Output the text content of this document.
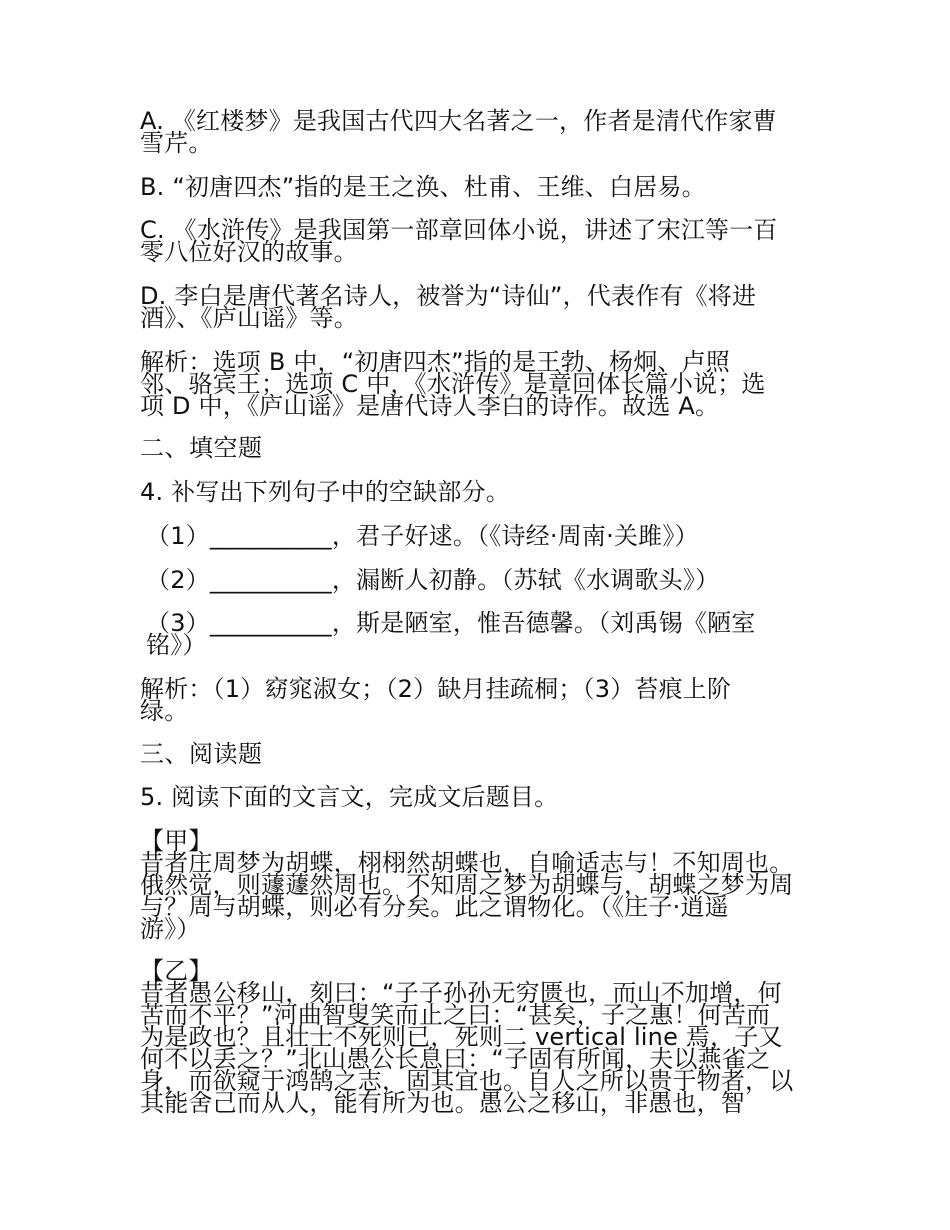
A. 《红楼梦》是我国古代四大名著之一，作者是清代作家曹
雪芹。
B. “初唐四杰”指的是王之涣、杜甫、王维、白居易。
C. 《水浒传》是我国第一部章回体小说，讲述了宋江等一百
零八位好汉的故事。
D. 李白是唐代著名诗人，被誉为“诗仙”，代表作有《将进
酒》、《庐山谣》等。
解析：选项 B 中，“初唐四杰”指的是王勃、杨炯、卢照
邻、骆宾王；选项 C 中，《水浒传》是章回体长篇小说；选
项 D 中，《庐山谣》是唐代诗人李白的诗作。故选 A。
二、填空题
4. 补写出下列句子中的空缺部分。
（1）__________，君子好逑。（《诗经·周南·关雎》）
（2）__________，漏断人初静。（苏轼《水调歌头》）
（3）__________，斯是陋室，惟吾德馨。（刘禹锡《陋室
铭》）
解析：（1）窈窕淑女；（2）缺月挂疏桐；（3）苔痕上阶
绿。
三、阅读题
5. 阅读下面的文言文，完成文后题目。
【甲】
昔者庄周梦为胡蝶，栩栩然胡蝶也，自喻适志与！不知周也。
俄然觉，则蘧蘧然周也。不知周之梦为胡蝶与，胡蝶之梦为周
与？周与胡蝶，则必有分矣。此之谓物化。（《庄子·逍遥
游》）
【乙】
昔者愚公移山，刻曰：“子子孙孙无穷匮也，而山不加增，何
苦而不平？”河曲智叟笑而止之曰：“甚矣，子之惠！何苦而
为是政也？且壮士不死则已，死则二 vertical line 焉，子又
何不以丢之？”北山愚公长息曰：“子固有所闻，夫以燕雀之
身，而欲窥于鸿鹄之志，固其宜也。自人之所以贵于物者，以
其能舍己而从人，能有所为也。愚公之移山，非愚也，智
